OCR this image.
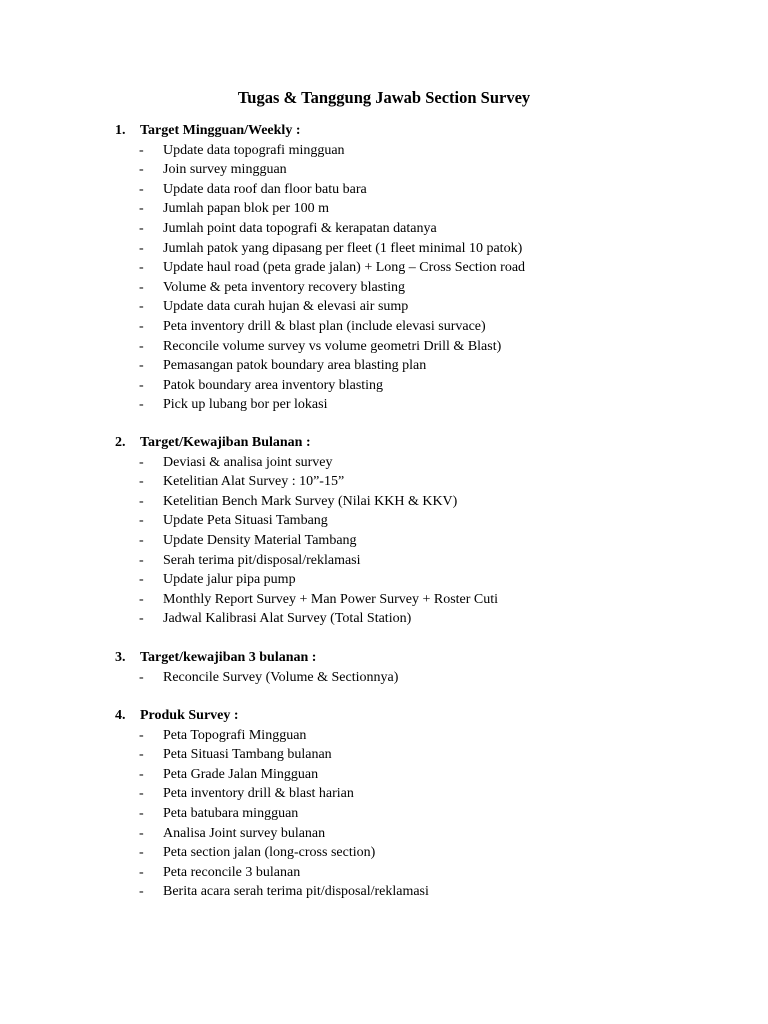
Tugas & Tanggung Jawab Section Survey
1. Target Mingguan/Weekly :
- Update data topografi mingguan
- Join survey mingguan
- Update data roof dan floor batu bara
- Jumlah papan blok per 100 m
- Jumlah point data topografi & kerapatan datanya
- Jumlah patok yang dipasang per fleet (1 fleet minimal 10 patok)
- Update haul road (peta grade jalan) + Long – Cross Section road
- Volume & peta inventory recovery blasting
- Update data curah hujan & elevasi air sump
- Peta inventory drill & blast plan (include elevasi survace)
- Reconcile volume survey vs volume geometri Drill & Blast)
- Pemasangan patok boundary area blasting plan
- Patok boundary area inventory blasting
- Pick up lubang bor per lokasi
2. Target/Kewajiban Bulanan :
- Deviasi & analisa joint survey
- Ketelitian Alat Survey : 10”-15”
- Ketelitian Bench Mark Survey (Nilai KKH & KKV)
- Update Peta Situasi Tambang
- Update Density Material Tambang
- Serah terima pit/disposal/reklamasi
- Update jalur pipa pump
- Monthly Report Survey + Man Power Survey + Roster Cuti
- Jadwal Kalibrasi Alat Survey (Total Station)
3. Target/kewajiban 3 bulanan :
- Reconcile Survey (Volume & Sectionnya)
4. Produk Survey :
- Peta Topografi Mingguan
- Peta Situasi Tambang bulanan
- Peta Grade Jalan Mingguan
- Peta inventory drill & blast harian
- Peta batubara mingguan
- Analisa Joint survey bulanan
- Peta section jalan (long-cross section)
- Peta reconcile 3 bulanan
- Berita acara serah terima pit/disposal/reklamasi
